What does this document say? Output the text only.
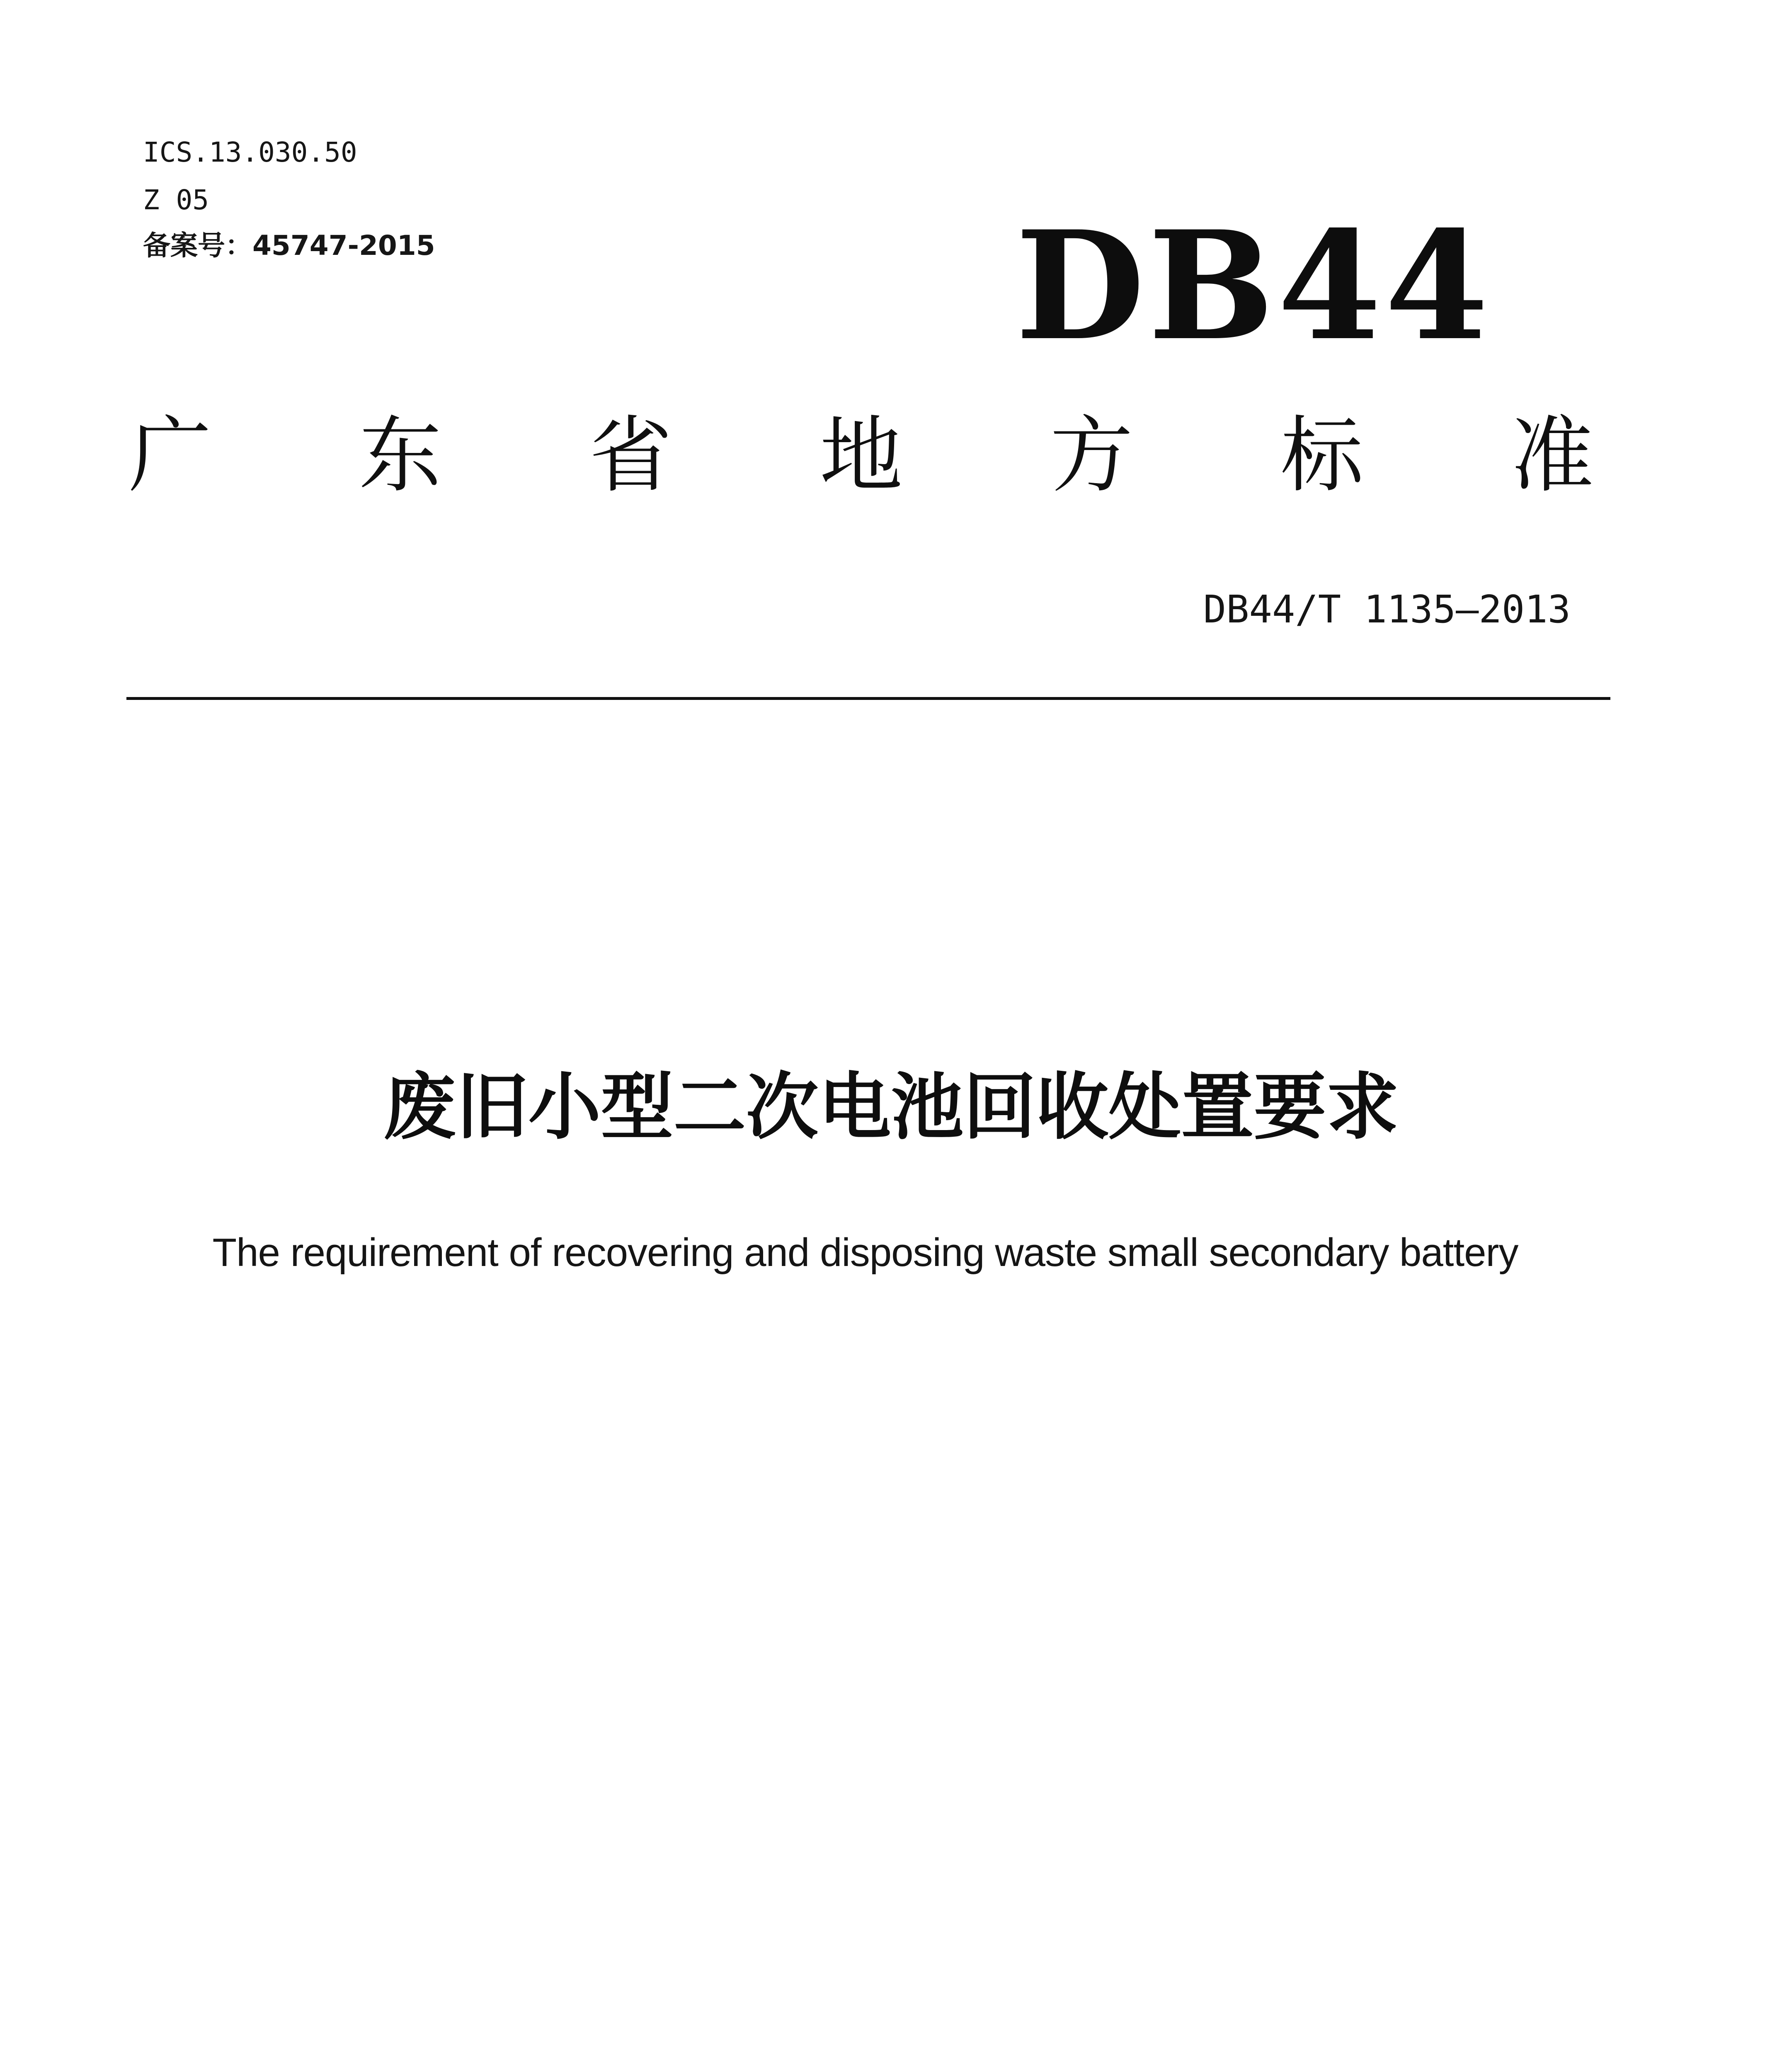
ICS.13.030.50
Z 05
备案号：45747-2015	DB44
广 东 省 地 方 标 准
DB44/T 1135—2013
废旧小型二次电池回收处置要求
The requirement of recovering and disposing waste small secondary battery
